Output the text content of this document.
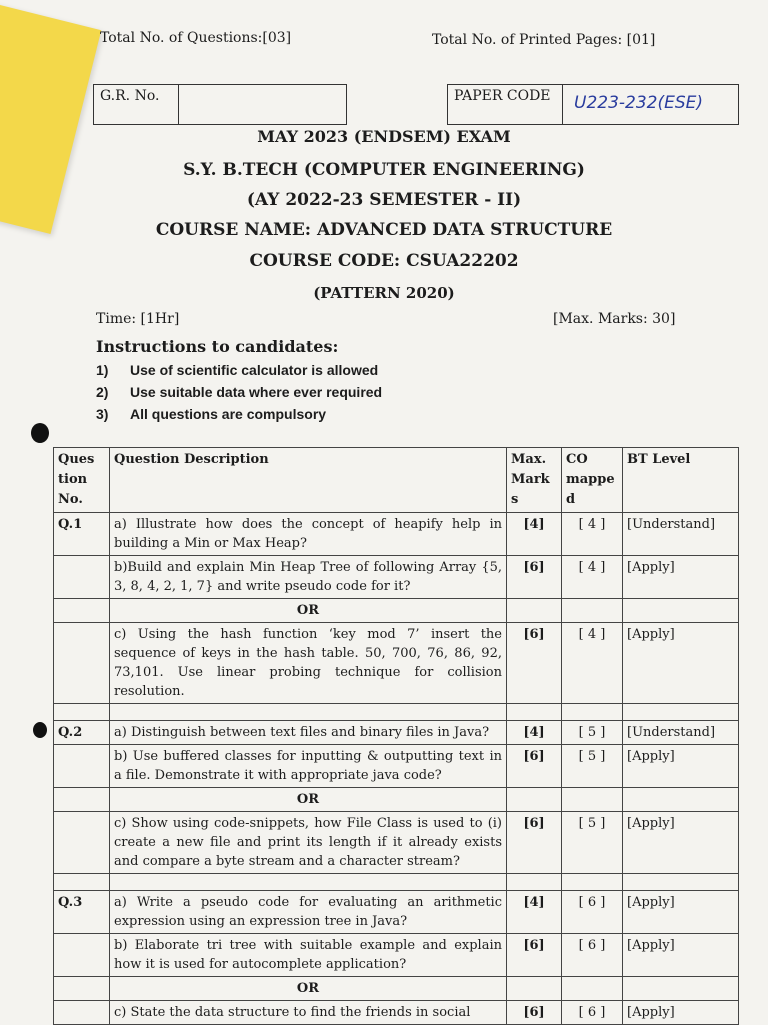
Total No. of Questions:[03]	Total No. of Printed Pages: [01]
G.R. No.	PAPER CODE U223-232(ESE)
MAY 2023 (ENDSEM) EXAM
S.Y. B.TECH (COMPUTER ENGINEERING)
(AY 2022-23 SEMESTER - II)
COURSE NAME: ADVANCED DATA STRUCTURE
COURSE CODE: CSUA22202
(PATTERN 2020)
Time: [1Hr]	[Max. Marks: 30]
Instructions to candidates:
1) Use of scientific calculator is allowed
2) Use suitable data where ever required
3) All questions are compulsory
Ques tion No.	Question Description	Max. Mark s	CO mappe d	BT Level
Q.1	a) Illustrate how does the concept of heapify help in building a Min or Max Heap?	[4]	[ 4 ]	[Understand]
	b)Build and explain Min Heap Tree of following Array {5, 3, 8, 4, 2, 1, 7} and write pseudo code for it?	[6]	[ 4 ]	[Apply]
	OR			
	c) Using the hash function ‘key mod 7’ insert the sequence of keys in the hash table. 50, 700, 76, 86, 92, 73,101. Use linear probing technique for collision resolution.	[6]	[ 4 ]	[Apply]

Q.2	a) Distinguish between text files and binary files in Java?	[4]	[ 5 ]	[Understand]
	b) Use buffered classes for inputting & outputting text in a file. Demonstrate it with appropriate java code?	[6]	[ 5 ]	[Apply]
	OR			
	c) Show using code-snippets, how File Class is used to (i) create a new file and print its length if it already exists and compare a byte stream and a character stream?	[6]	[ 5 ]	[Apply]

Q.3	a) Write a pseudo code for evaluating an arithmetic expression using an expression tree in Java?	[4]	[ 6 ]	[Apply]
	b) Elaborate tri tree with suitable example and explain how it is used for autocomplete application?	[6]	[ 6 ]	[Apply]
	OR			
	c) State the data structure to find the friends in social	[6]	[ 6 ]	[Apply]
